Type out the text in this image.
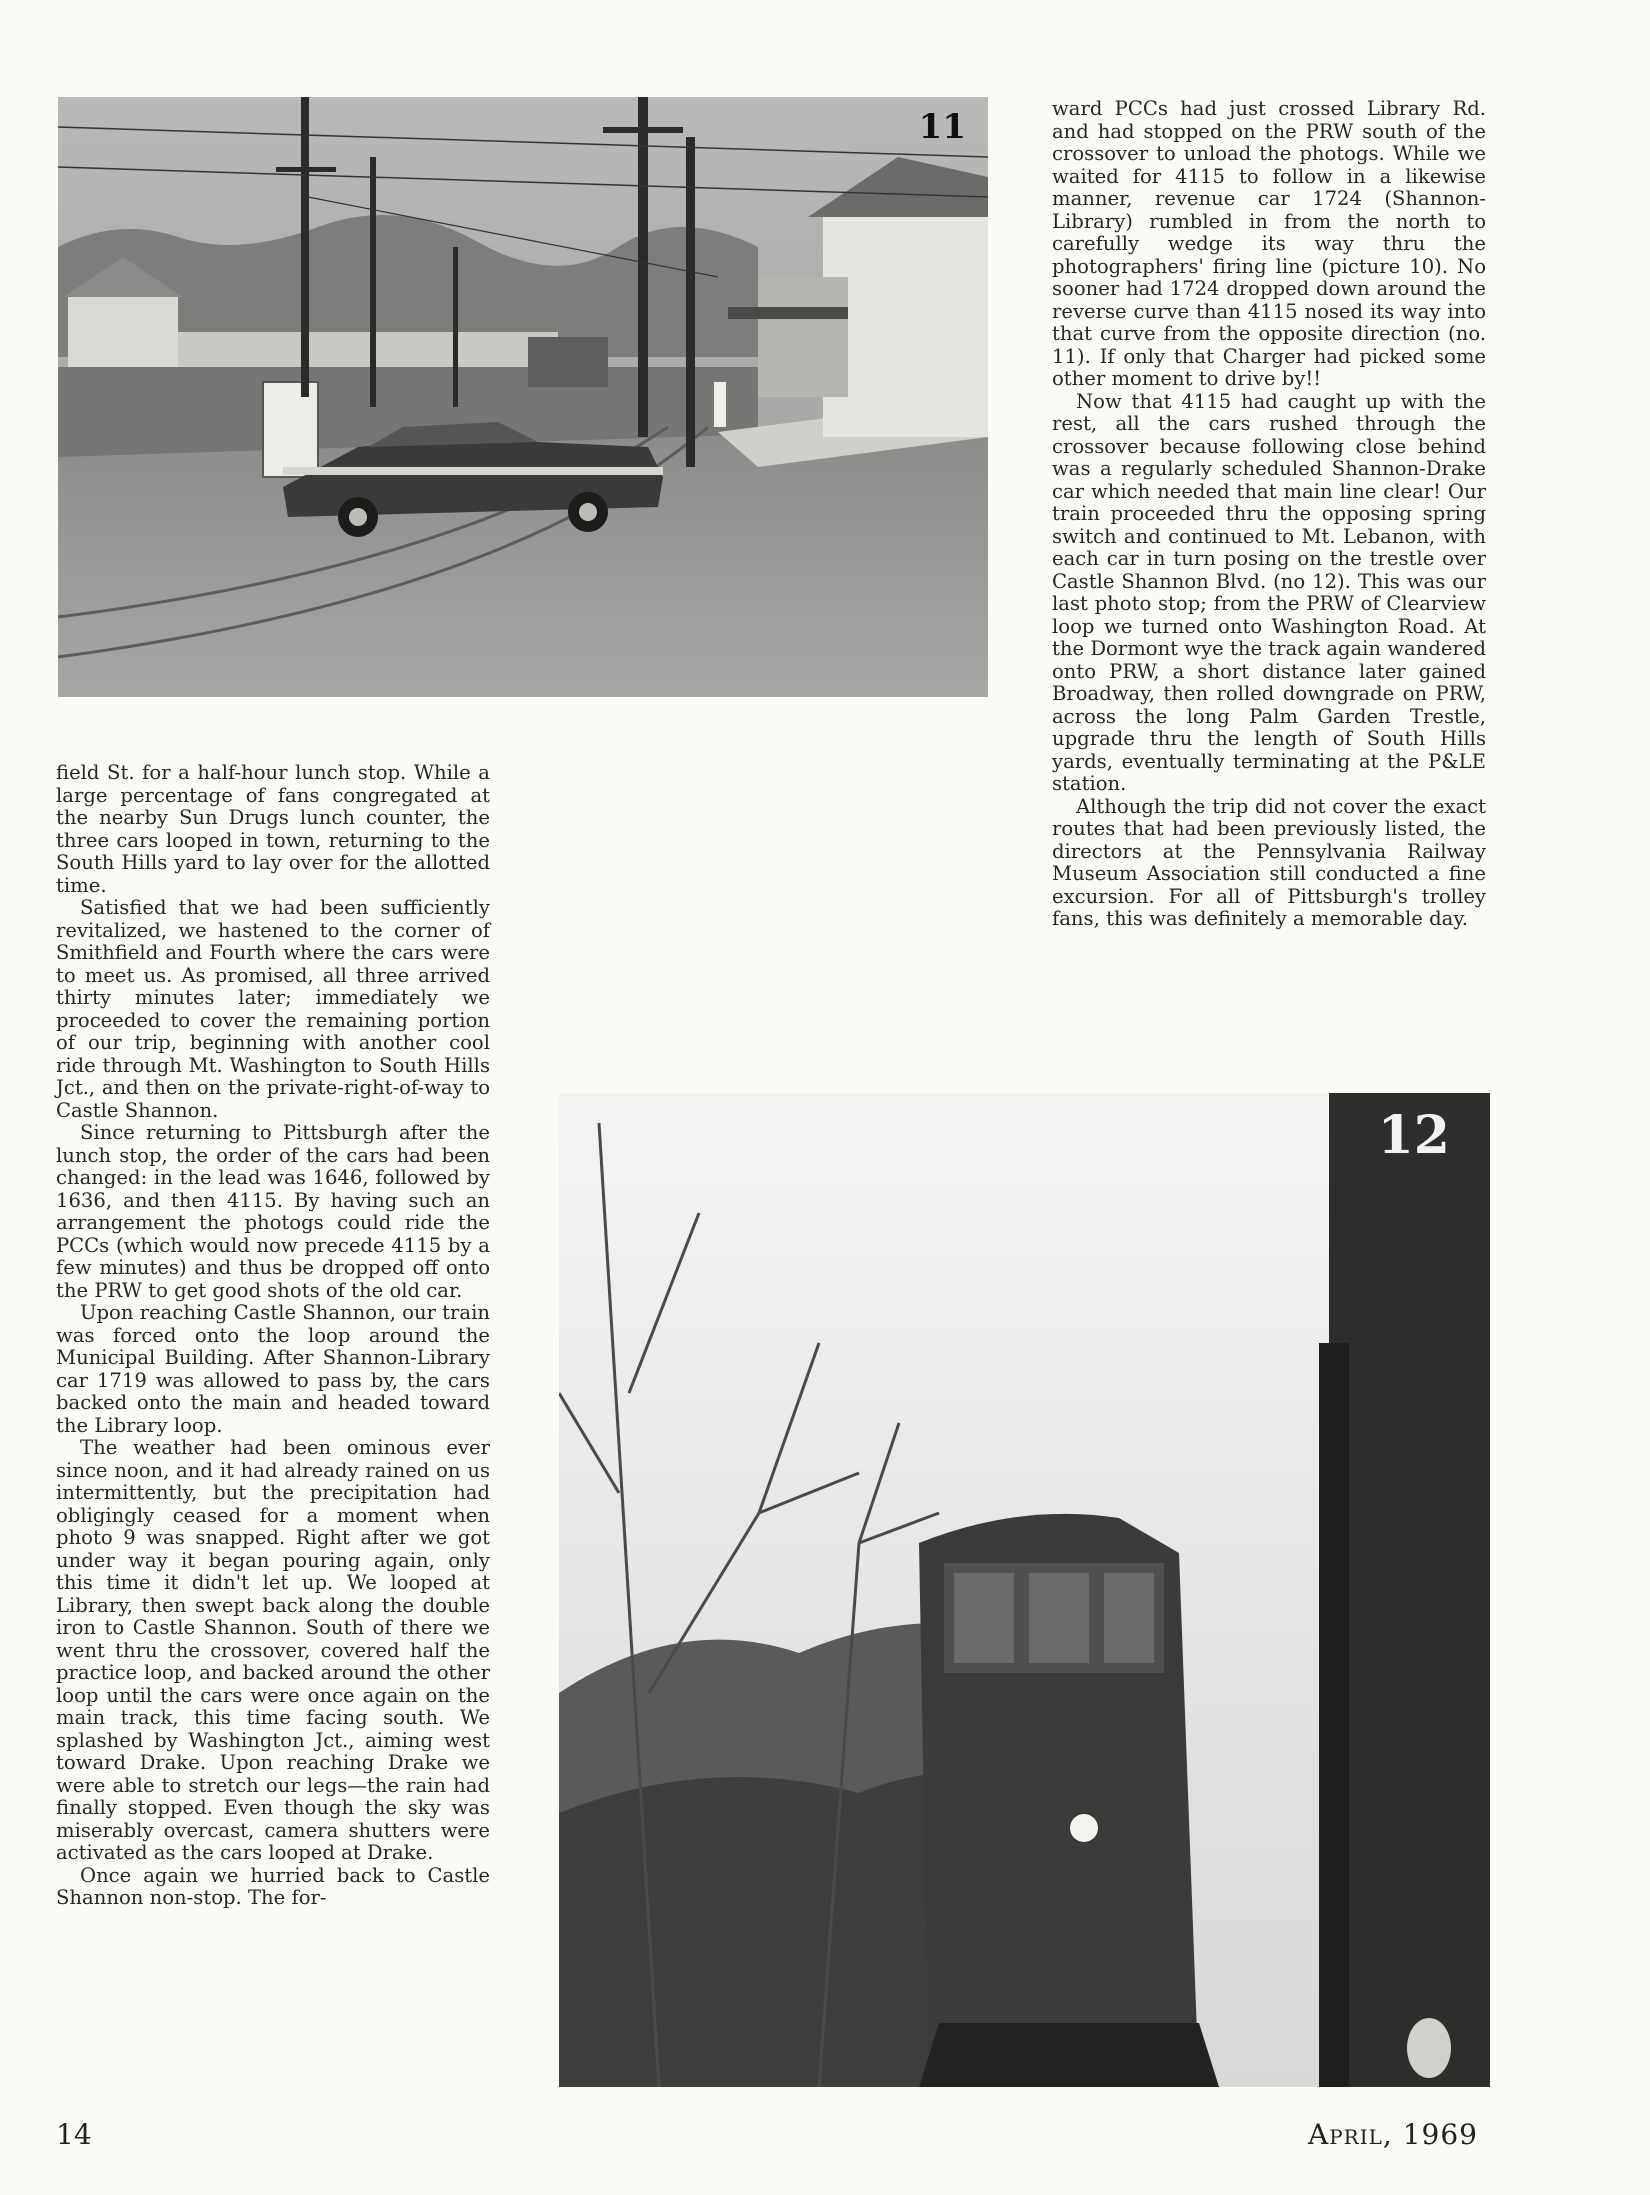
11
12

field St. for a half-hour lunch stop. While a large percentage of fans congregated at the nearby Sun Drugs lunch counter, the three cars looped in town, returning to the South Hills yard to lay over for the allotted time.

Satisfied that we had been sufficiently revitalized, we hastened to the corner of Smithfield and Fourth where the cars were to meet us. As promised, all three arrived thirty minutes later; immediately we proceeded to cover the remaining portion of our trip, beginning with another cool ride through Mt. Washington to South Hills Jct., and then on the private-right-of-way to Castle Shannon.

Since returning to Pittsburgh after the lunch stop, the order of the cars had been changed: in the lead was 1646, followed by 1636, and then 4115. By having such an arrangement the photogs could ride the PCCs (which would now precede 4115 by a few minutes) and thus be dropped off onto the PRW to get good shots of the old car.

Upon reaching Castle Shannon, our train was forced onto the loop around the Municipal Building. After Shannon-Library car 1719 was allowed to pass by, the cars backed onto the main and headed toward the Library loop.

The weather had been ominous ever since noon, and it had already rained on us intermittently, but the precipitation had obligingly ceased for a moment when photo 9 was snapped. Right after we got under way it began pouring again, only this time it didn't let up. We looped at Library, then swept back along the double iron to Castle Shannon. South of there we went thru the crossover, covered half the practice loop, and backed around the other loop until the cars were once again on the main track, this time facing south. We splashed by Washington Jct., aiming west toward Drake. Upon reaching Drake we were able to stretch our legs—the rain had finally stopped. Even though the sky was miserably overcast, camera shutters were activated as the cars looped at Drake.

Once again we hurried back to Castle Shannon non-stop. The for-

ward PCCs had just crossed Library Rd. and had stopped on the PRW south of the crossover to unload the photogs. While we waited for 4115 to follow in a likewise manner, revenue car 1724 (Shannon-Library) rumbled in from the north to carefully wedge its way thru the photographers' firing line (picture 10). No sooner had 1724 dropped down around the reverse curve than 4115 nosed its way into that curve from the opposite direction (no. 11). If only that Charger had picked some other moment to drive by!!

Now that 4115 had caught up with the rest, all the cars rushed through the crossover because following close behind was a regularly scheduled Shannon-Drake car which needed that main line clear! Our train proceeded thru the opposing spring switch and continued to Mt. Lebanon, with each car in turn posing on the trestle over Castle Shannon Blvd. (no 12). This was our last photo stop; from the PRW of Clearview loop we turned onto Washington Road. At the Dormont wye the track again wandered onto PRW, a short distance later gained Broadway, then rolled downgrade on PRW, across the long Palm Garden Trestle, upgrade thru the length of South Hills yards, eventually terminating at the P&LE station.

Although the trip did not cover the exact routes that had been previously listed, the directors at the Pennsylvania Railway Museum Association still conducted a fine excursion. For all of Pittsburgh's trolley fans, this was definitely a memorable day.

14	April, 1969
